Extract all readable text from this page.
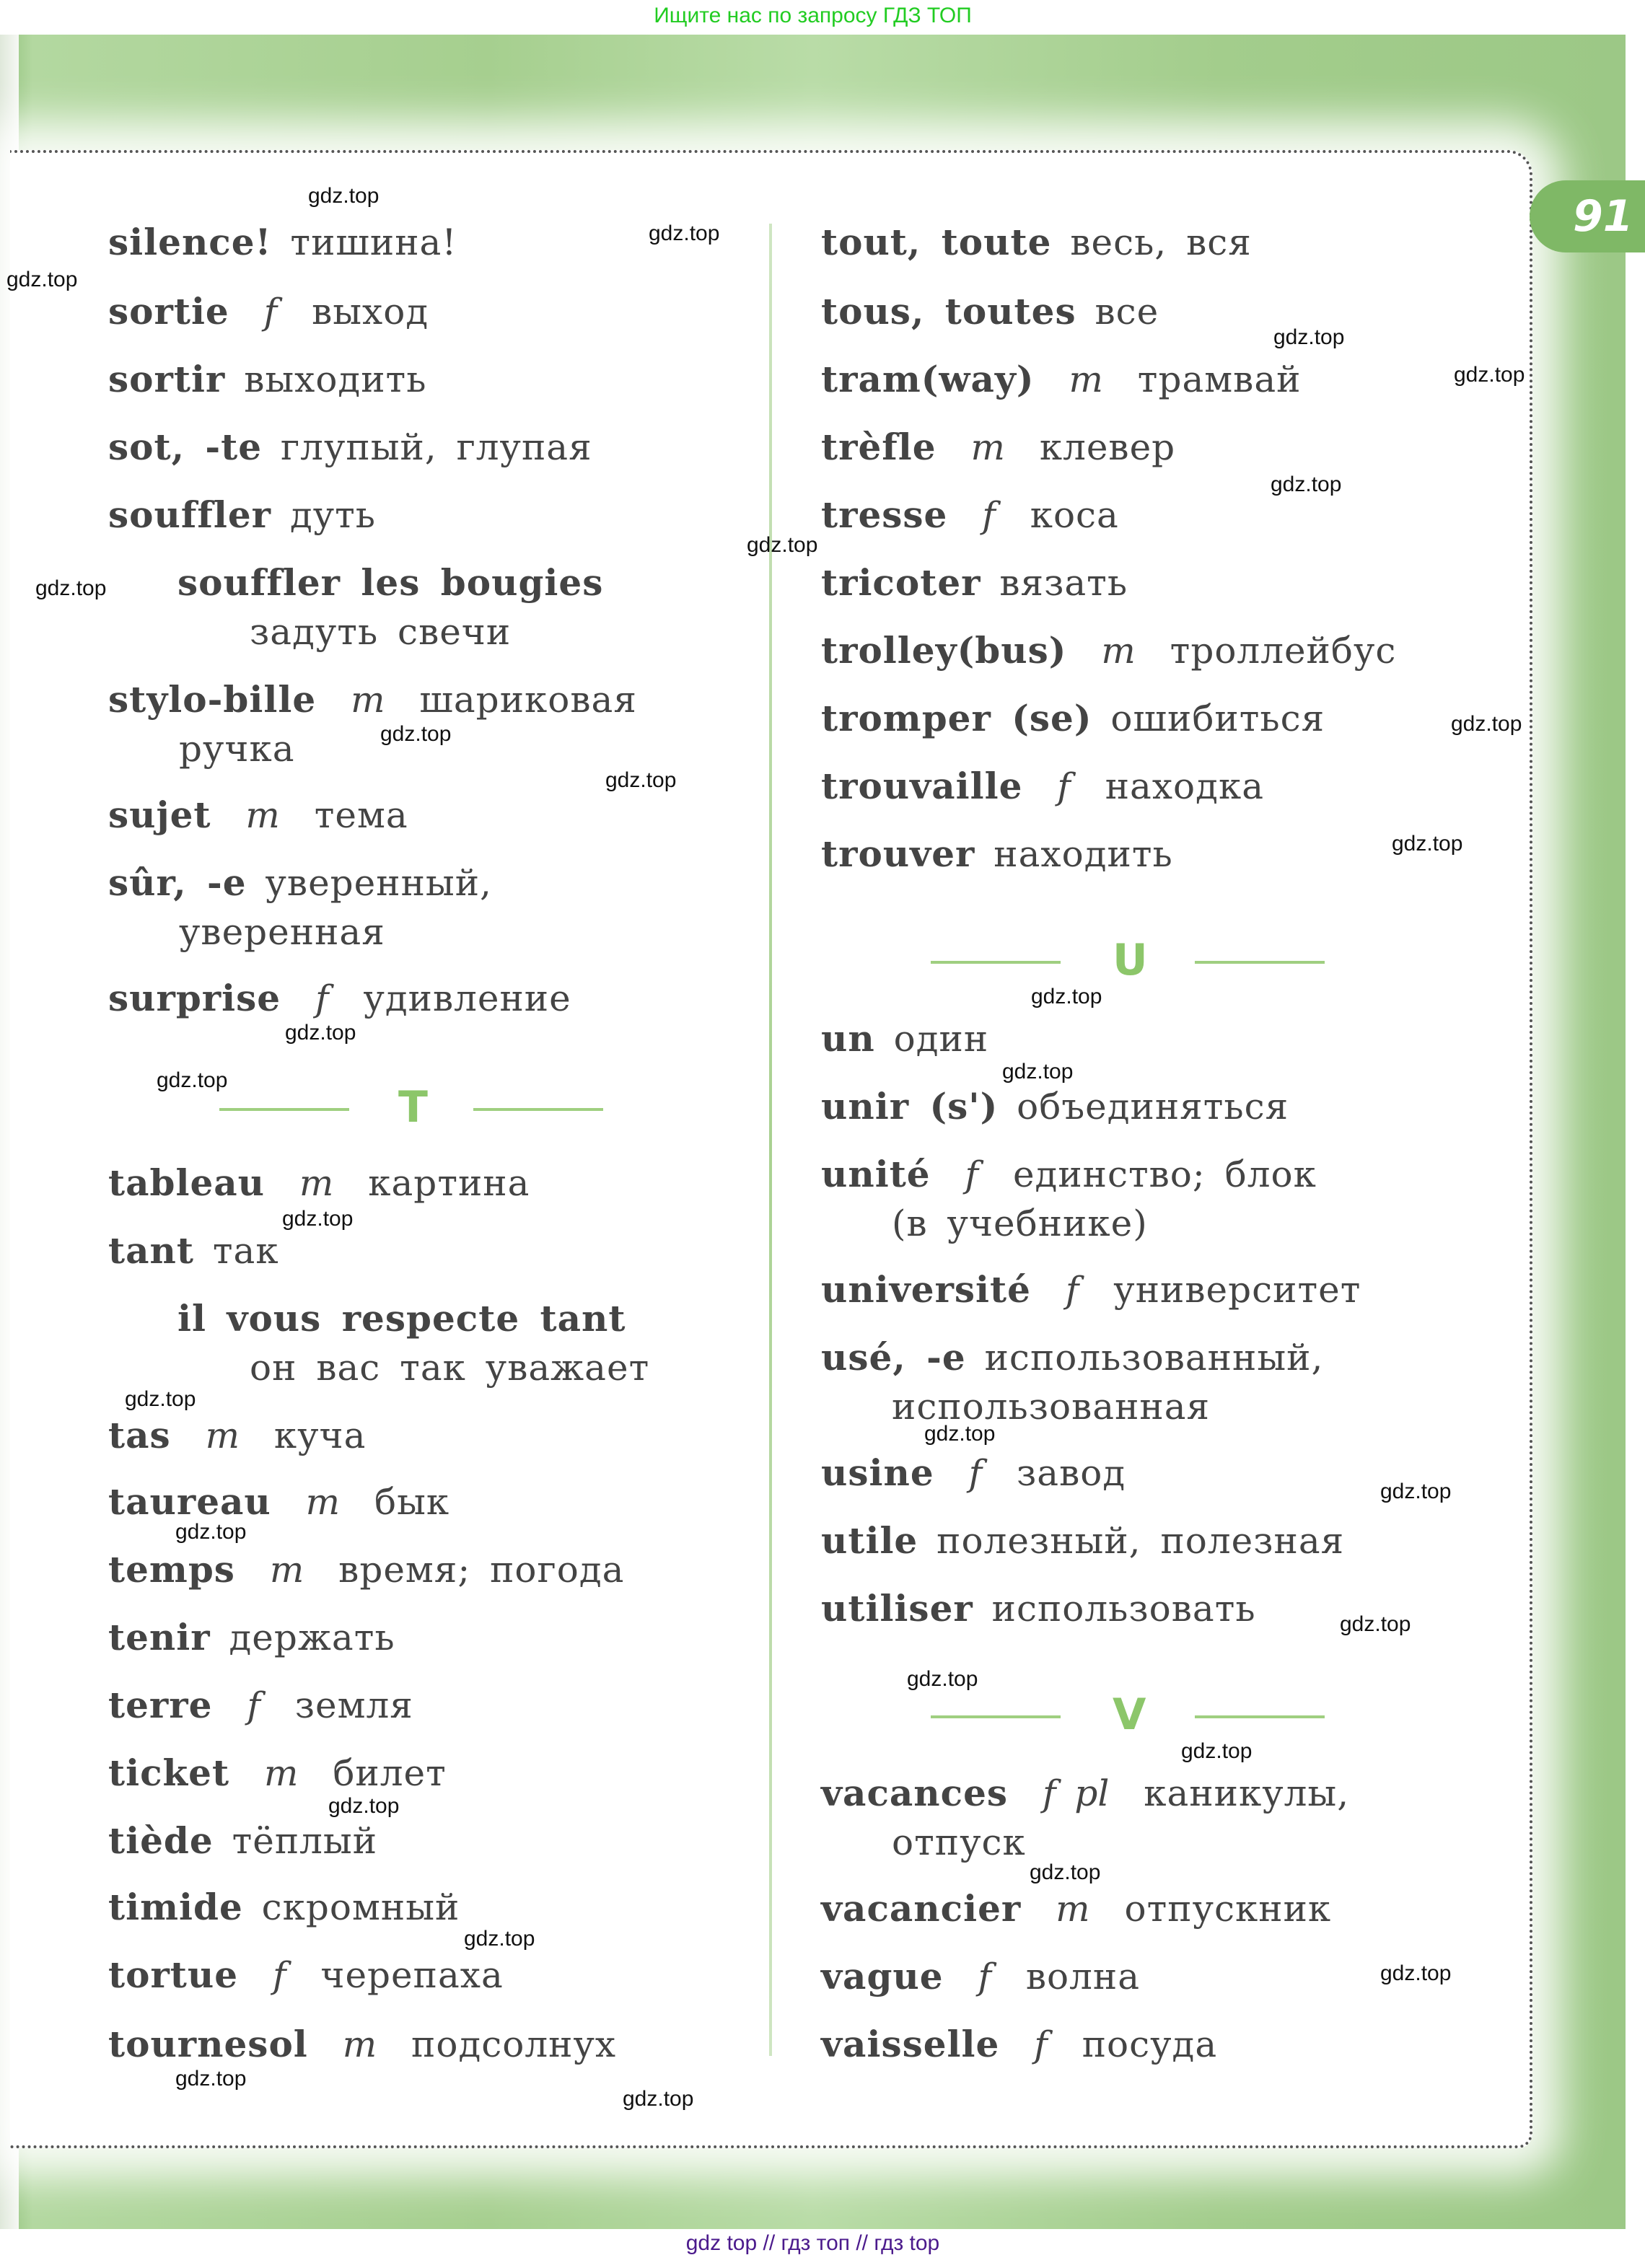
91
Ищите нас по запросу ГДЗ ТОП
gdz top // гдз топ // гдз top
T
U
V
silence! тишина!
sortie f выход
sortir выходить
sot, -te глупый, глупая
souffler дуть
souffler les bougies
задуть свечи
stylo-bille m шариковая
ручка
sujet m тема
sûr, -e уверенный,
уверенная
surprise f удивление
tableau m картина
tant так
il vous respecte tant
он вас так уважает
tas m куча
taureau m бык
temps m время; погода
tenir держать
terre f земля
ticket m билет
tiède тёплый
timide скромный
tortue f черепаха
tournesol m подсолнух
tout, toute весь, вся
tous, toutes все
tram(way) m трамвай
trèfle m клевер
tresse f коса
tricoter вязать
trolley(bus) m троллейбус
tromper (se) ошибиться
trouvaille f находка
trouver находить
un один
unir (s') объединяться
unité f единство; блок
(в учебнике)
université f университет
usé, -e использованный,
использованная
usine f завод
utile полезный, полезная
utiliser использовать
vacances f pl каникулы,
отпуск
vacancier m отпускник
vague f волна
vaisselle f посуда
gdz.top
gdz.top
gdz.top
gdz.top
gdz.top
gdz.top
gdz.top
gdz.top
gdz.top	gdz.top
gdz.top
gdz.top
gdz.top
gdz.top
gdz.top	gdz.top
gdz.top
gdz.top
gdz.top
gdz.top
gdz.top
gdz.top
gdz.top
gdz.top
gdz.top
gdz.top
gdz.top
gdz.top
gdz.top
gdz.top
